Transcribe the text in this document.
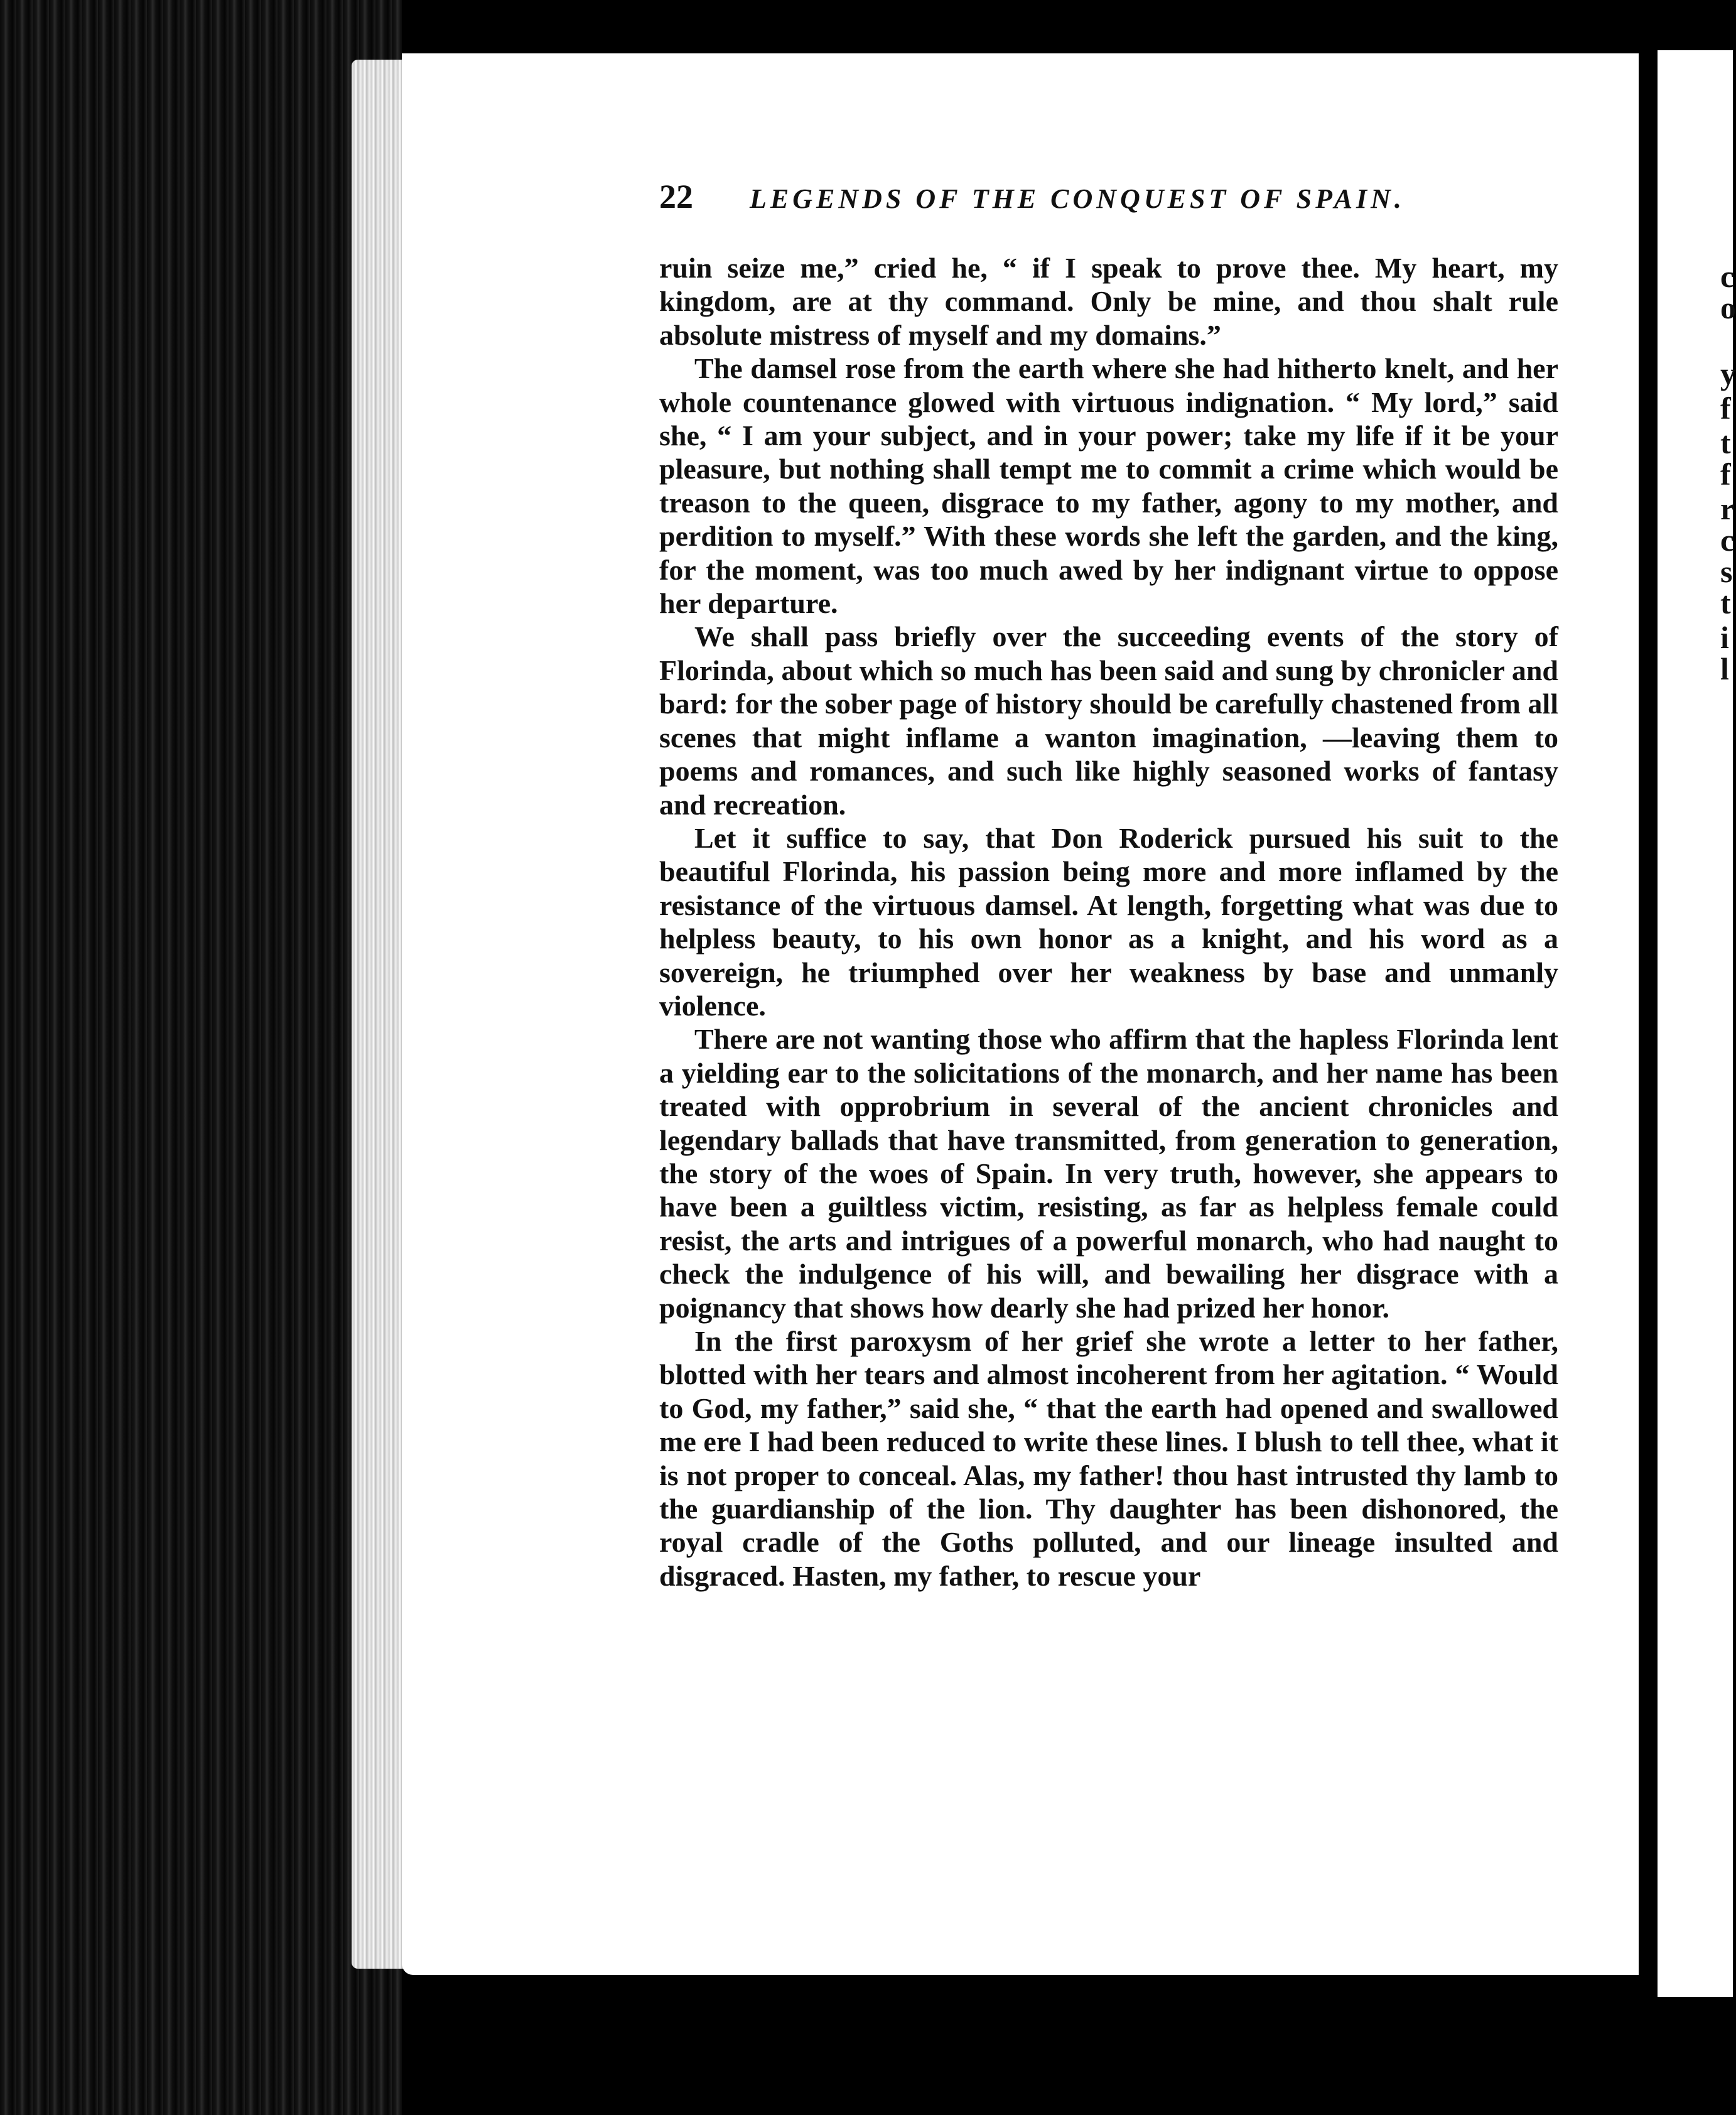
c
o
y
f
t
f
r
c
s
t
i
l
22 LEGENDS OF THE CONQUEST OF SPAIN.

ruin seize me,” cried he, “ if I speak to prove thee. My heart, my kingdom, are at thy command. Only be mine, and thou shalt rule absolute mistress of myself and my domains.”

The damsel rose from the earth where she had hitherto knelt, and her whole countenance glowed with virtuous indignation. “ My lord,” said she, “ I am your subject, and in your power; take my life if it be your pleasure, but nothing shall tempt me to commit a crime which would be treason to the queen, disgrace to my father, agony to my mother, and perdition to myself.” With these words she left the garden, and the king, for the moment, was too much awed by her indignant virtue to oppose her departure.

We shall pass briefly over the succeeding events of the story of Florinda, about which so much has been said and sung by chronicler and bard: for the sober page of history should be carefully chastened from all scenes that might inflame a wanton imagination, —leaving them to poems and romances, and such like highly seasoned works of fantasy and recreation.

Let it suffice to say, that Don Roderick pursued his suit to the beautiful Florinda, his passion being more and more inflamed by the resistance of the virtuous damsel. At length, forgetting what was due to helpless beauty, to his own honor as a knight, and his word as a sovereign, he triumphed over her weakness by base and unmanly violence.

There are not wanting those who affirm that the hapless Florinda lent a yielding ear to the solicitations of the monarch, and her name has been treated with opprobrium in several of the ancient chronicles and legendary ballads that have transmitted, from generation to generation, the story of the woes of Spain. In very truth, however, she appears to have been a guiltless victim, resisting, as far as helpless female could resist, the arts and intrigues of a powerful monarch, who had naught to check the indulgence of his will, and bewailing her disgrace with a poignancy that shows how dearly she had prized her honor.

In the first paroxysm of her grief she wrote a letter to her father, blotted with her tears and almost incoherent from her agitation. “ Would to God, my father,” said she, “ that the earth had opened and swallowed me ere I had been reduced to write these lines. I blush to tell thee, what it is not proper to conceal. Alas, my father! thou hast intrusted thy lamb to the guardianship of the lion. Thy daughter has been dishonored, the royal cradle of the Goths polluted, and our lineage insulted and disgraced. Hasten, my father, to rescue your
